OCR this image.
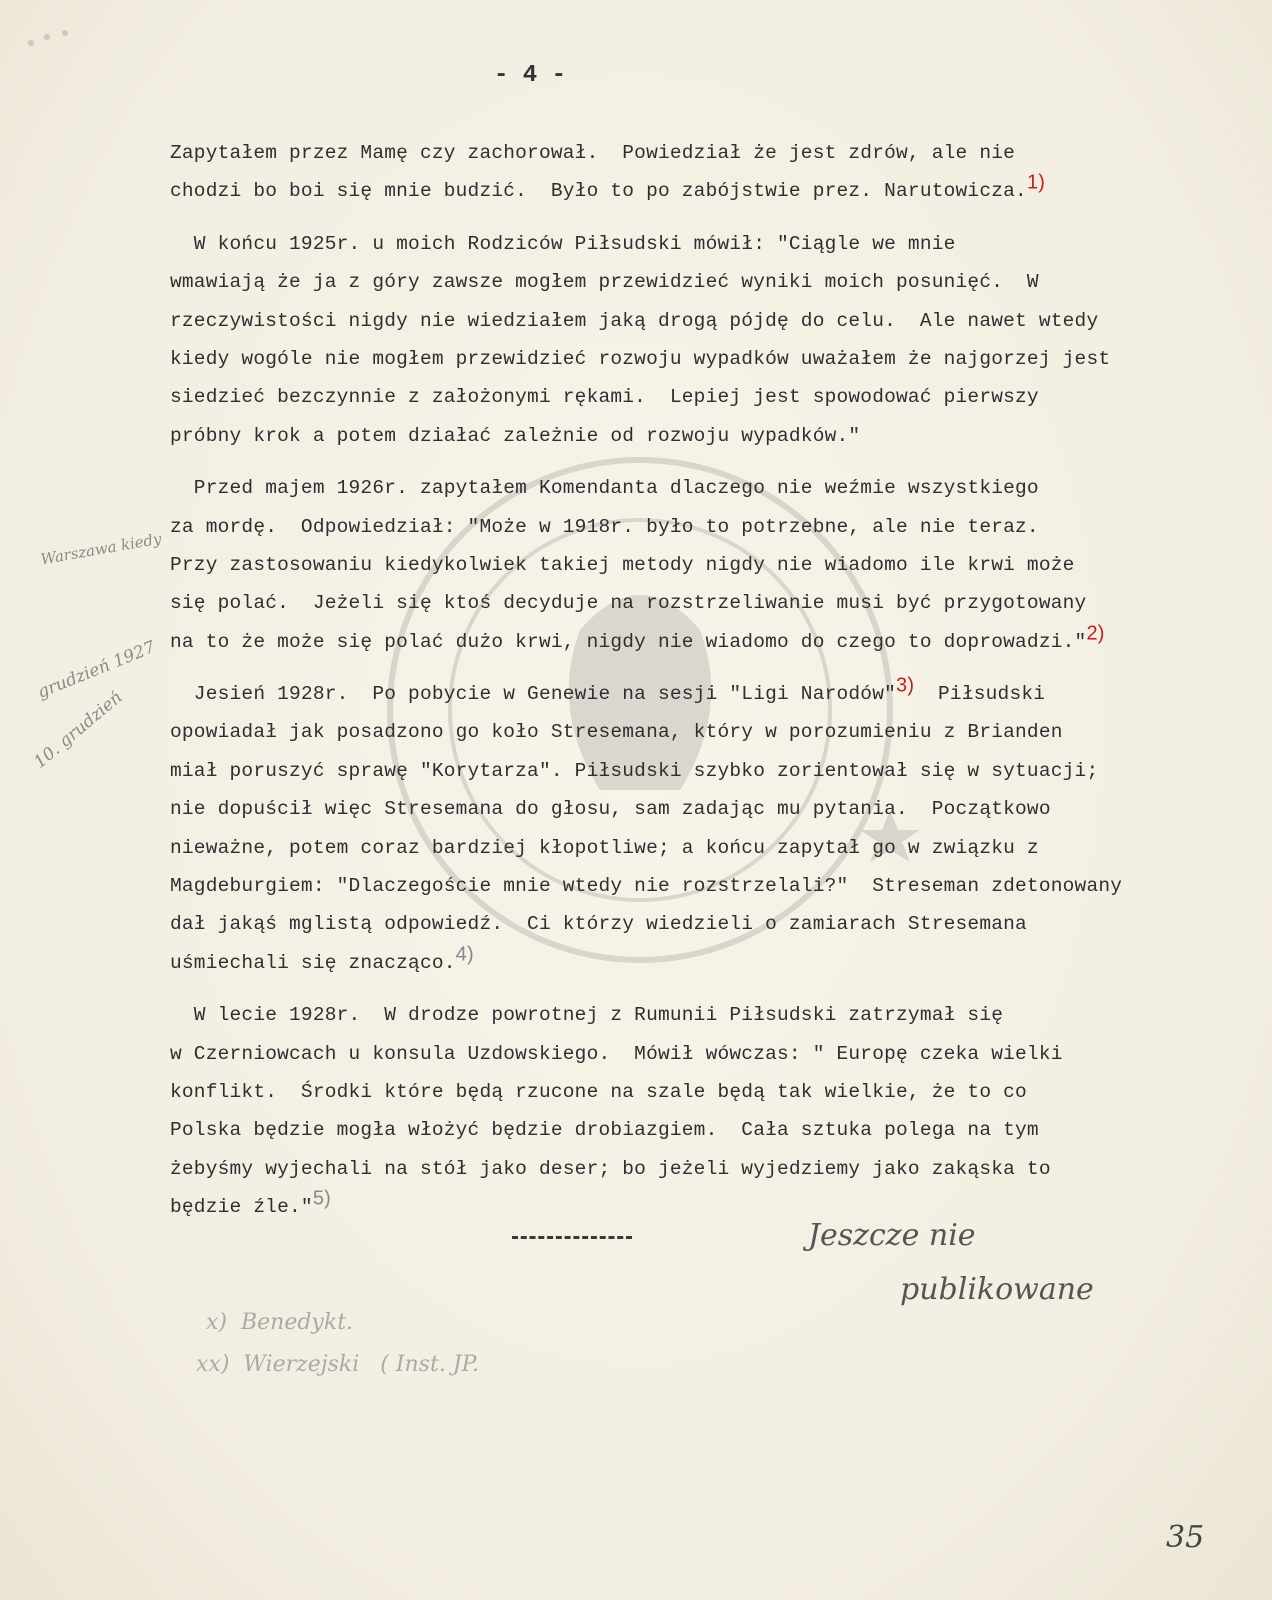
- 4 -
Zapytałem przez Mamę czy zachorował.  Powiedział że jest zdrów, ale nie
chodzi bo boi się mnie budzić.  Było to po zabójstwie prez. Narutowicza.1)
W końcu 1925r. u moich Rodziców Piłsudski mówił: "Ciągle we mnie
wmawiają że ja z góry zawsze mogłem przewidzieć wyniki moich posunięć.  W
rzeczywistości nigdy nie wiedziałem jaką drogą pójdę do celu.  Ale nawet wtedy
kiedy wogóle nie mogłem przewidzieć rozwoju wypadków uważałem że najgorzej jest
siedzieć bezczynnie z założonymi rękami.  Lepiej jest spowodować pierwszy
próbny krok a potem działać zależnie od rozwoju wypadków."
Przed majem 1926r. zapytałem Komendanta dlaczego nie weźmie wszystkiego
za mordę.  Odpowiedział: "Może w 1918r. było to potrzebne, ale nie teraz.
Przy zastosowaniu kiedykolwiek takiej metody nigdy nie wiadomo ile krwi może
się polać.  Jeżeli się ktoś decyduje na rozstrzeliwanie musi być przygotowany
na to że może się polać dużo krwi, nigdy nie wiadomo do czego to doprowadzi."2)
Jesień 1928r.  Po pobycie w Genewie na sesji "Ligi Narodów"3) Piłsudski
opowiadał jak posadzono go koło Stresemana, który w porozumieniu z Brianden
miał poruszyć sprawę "Korytarza". Piłsudski szybko zorientował się w sytuacji;
nie dopuścił więc Stresemana do głosu, sam zadając mu pytania.  Początkowo
nieważne, potem coraz bardziej kłopotliwe; a końcu zapytał go w związku z
Magdeburgiem: "Dlaczegoście mnie wtedy nie rozstrzelali?"  Streseman zdetonowany
dał jakąś mglistą odpowiedź.  Ci którzy wiedzieli o zamiarach Stresemana
uśmiechali się znacząco.4)
W lecie 1928r.  W drodze powrotnej z Rumunii Piłsudski zatrzymał się
w Czerniowcach u konsula Uzdowskiego.  Mówił wówczas: " Europę czeka wielki
konflikt.  Środki które będą rzucone na szale będą tak wielkie, że to co
Polska będzie mogła włożyć będzie drobiazgiem.  Cała sztuka polega na tym
żebyśmy wyjechali na stół jako deser; bo jeżeli wyjedziemy jako zakąska to
będzie źle."5)
Warszawa kiedy
grudzień 1927
10. grudzień
Jeszcze nie
publikowane
x)  Benedykt.
xx)  Wierzejski   ( Inst. JP.
35
